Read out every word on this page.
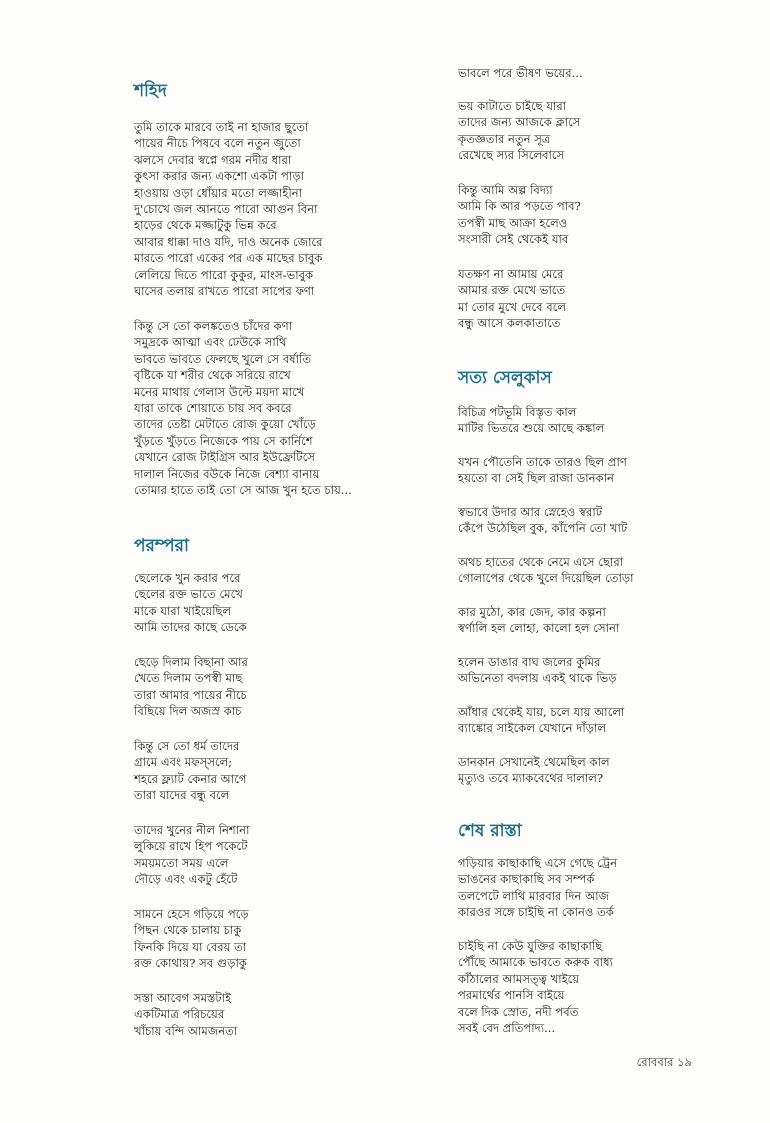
শহিদ
তুমি তাকে মারবে তাই না হাজার ছুতো
পায়ের নীচে পিষবে বলে নতুন জুতো
ঝলসে দেবার স্বপ্নে গরম নদীর ধারা
কুৎসা করার জন্য একশো একটা পাড়া
হাওয়ায় ওড়া ধোঁয়ার মতো লজ্জাহীনা
দু'চোখে জল আনতে পারো আগুন বিনা
হাড়ের থেকে মজ্জাটুকু ভিন্ন করে
আবার ধাক্কা দাও যদি, দাও অনেক জোরে
মারতে পারো একের পর এক মাছের চাবুক
লেলিয়ে দিতে পারো কুকুর, মাংস-ভাবুক
ঘাসের তলায় রাখতে পারো সাপের ফণা
কিন্তু সে তো কলঙ্কতেও চাঁদের কণা
সমুদ্রকে আত্মা এবং ঢেউকে সাথি
ভাবতে ভাবতে ফেলছে খুলে সে বর্ষাতি
বৃষ্টিকে যা শরীর থেকে সরিয়ে রাখে
মনের মাথায় গেলাস উল্টে ময়দা মাখে
যারা তাকে শোয়াতে চায় সব কবরে
তাদের তেষ্টা মেটাতে রোজ কুয়ো খোঁড়ে
খুঁড়তে খুঁড়তে নিজেকে পায় সে কার্নিশে
যেখানে রোজ টাইগ্রিস আর ইউফ্রেটিসে
দালাল নিজের বউকে নিজে বেশ্যা বানায়
তোমার হাতে তাই তো সে আজ খুন হতে চায়...
পরম্পরা
ছেলেকে খুন করার পরে
ছেলের রক্ত ভাতে মেখে
মাকে যারা খাইয়েছিল
আমি তাদের কাছে ডেকে
ছেড়ে দিলাম বিছানা আর
খেতে দিলাম তপস্বী মাছ
তারা আমার পায়ের নীচে
বিছিয়ে দিল অজস্র কাচ
কিন্তু সে তো ধর্ম তাদের
গ্রামে এবং মফস্সলে;
শহরে ফ্ল্যাট কেনার আগে
তারা যাদের বন্ধু বলে
তাদের খুনের নীল নিশানা
লুকিয়ে রাখে হিপ পকেটে
সময়মতো সময় এলে
দৌড়ে এবং একটু হেঁটে
সামনে হেসে গড়িয়ে পড়ে
পিছন থেকে চালায় চাকু
ফিনকি দিয়ে যা বেরয় তা
রক্ত কোথায়? সব গুড়াকু
সস্তা আবেগ সমস্তটাই
একটিমাত্র পরিচয়ের
খাঁচায় বন্দি আমজনতা
ভাবলে পরে ভীষণ ভয়ের...
ভয় কাটাতে চাইছে যারা
তাদের জন্য আজকে ক্লাসে
কৃতজ্ঞতার নতুন সূত্র
রেখেছে স্যর সিলেবাসে
কিন্তু আমি অল্প বিদ্যা
আমি কি আর পড়তে পাব?
তপস্বী মাছ আক্রা হলেও
সংসারী সেই থেকেই যাব
যতক্ষণ না আমায় মেরে
আমার রক্ত মেখে ভাতে
মা তোর মুখে দেবে বলে
বন্ধু আসে কলকাতাতে
সত্য সেলুকাস
বিচিত্র পটভূমি বিস্তৃত কাল
মাটির ভিতরে শুয়ে আছে কঙ্কাল
যখন পৌতেনি তাকে তারও ছিল প্রাণ
হয়তো বা সেই ছিল রাজা ডানকান
স্বভাবে উদার আর স্নেহেও স্বরাট
কেঁপে উঠেছিল বুক, কাঁপেনি তো খাট
অথচ হাতের থেকে নেমে এসে ছোরা
গোলাপের থেকে খুলে দিয়েছিল তোড়া
কার মুঠো, কার জেদ, কার কল্পনা
স্বর্ণালি হল লোহা, কালো হল সোনা
হলেন ডাঙার বাঘ জলের কুমির
অভিনেতা বদলায় একই থাকে ভিড়
আঁধার থেকেই যায়, চলে যায় আলো
ব্যাঙ্কোর সাইকেল যেখানে দাঁড়াল
ডানকান সেখানেই থেমেছিল কাল
মৃত্যুও তবে ম্যাকবেথের দালাল?
শেষ রাস্তা
গড়িয়ার কাছাকাছি এসে গেছে ট্রেন
ভাঙনের কাছাকাছি সব সম্পর্ক
তলপেটে লাথি মারবার দিন আজ
কারওর সঙ্গে চাইছি না কোনও তর্ক
চাইছি না কেউ যুক্তির কাছাকাছি
পৌঁছে আমাকে ভাবতে করুক বাধ্য
কাঁঠালের আমসত্ত্ব খাইয়ে
পরমার্থের পানসি বাইয়ে
বলে দিক স্রোত, নদী পর্বত
সবই বেদ প্রতিপাদ্য...
রোববার ১৯
